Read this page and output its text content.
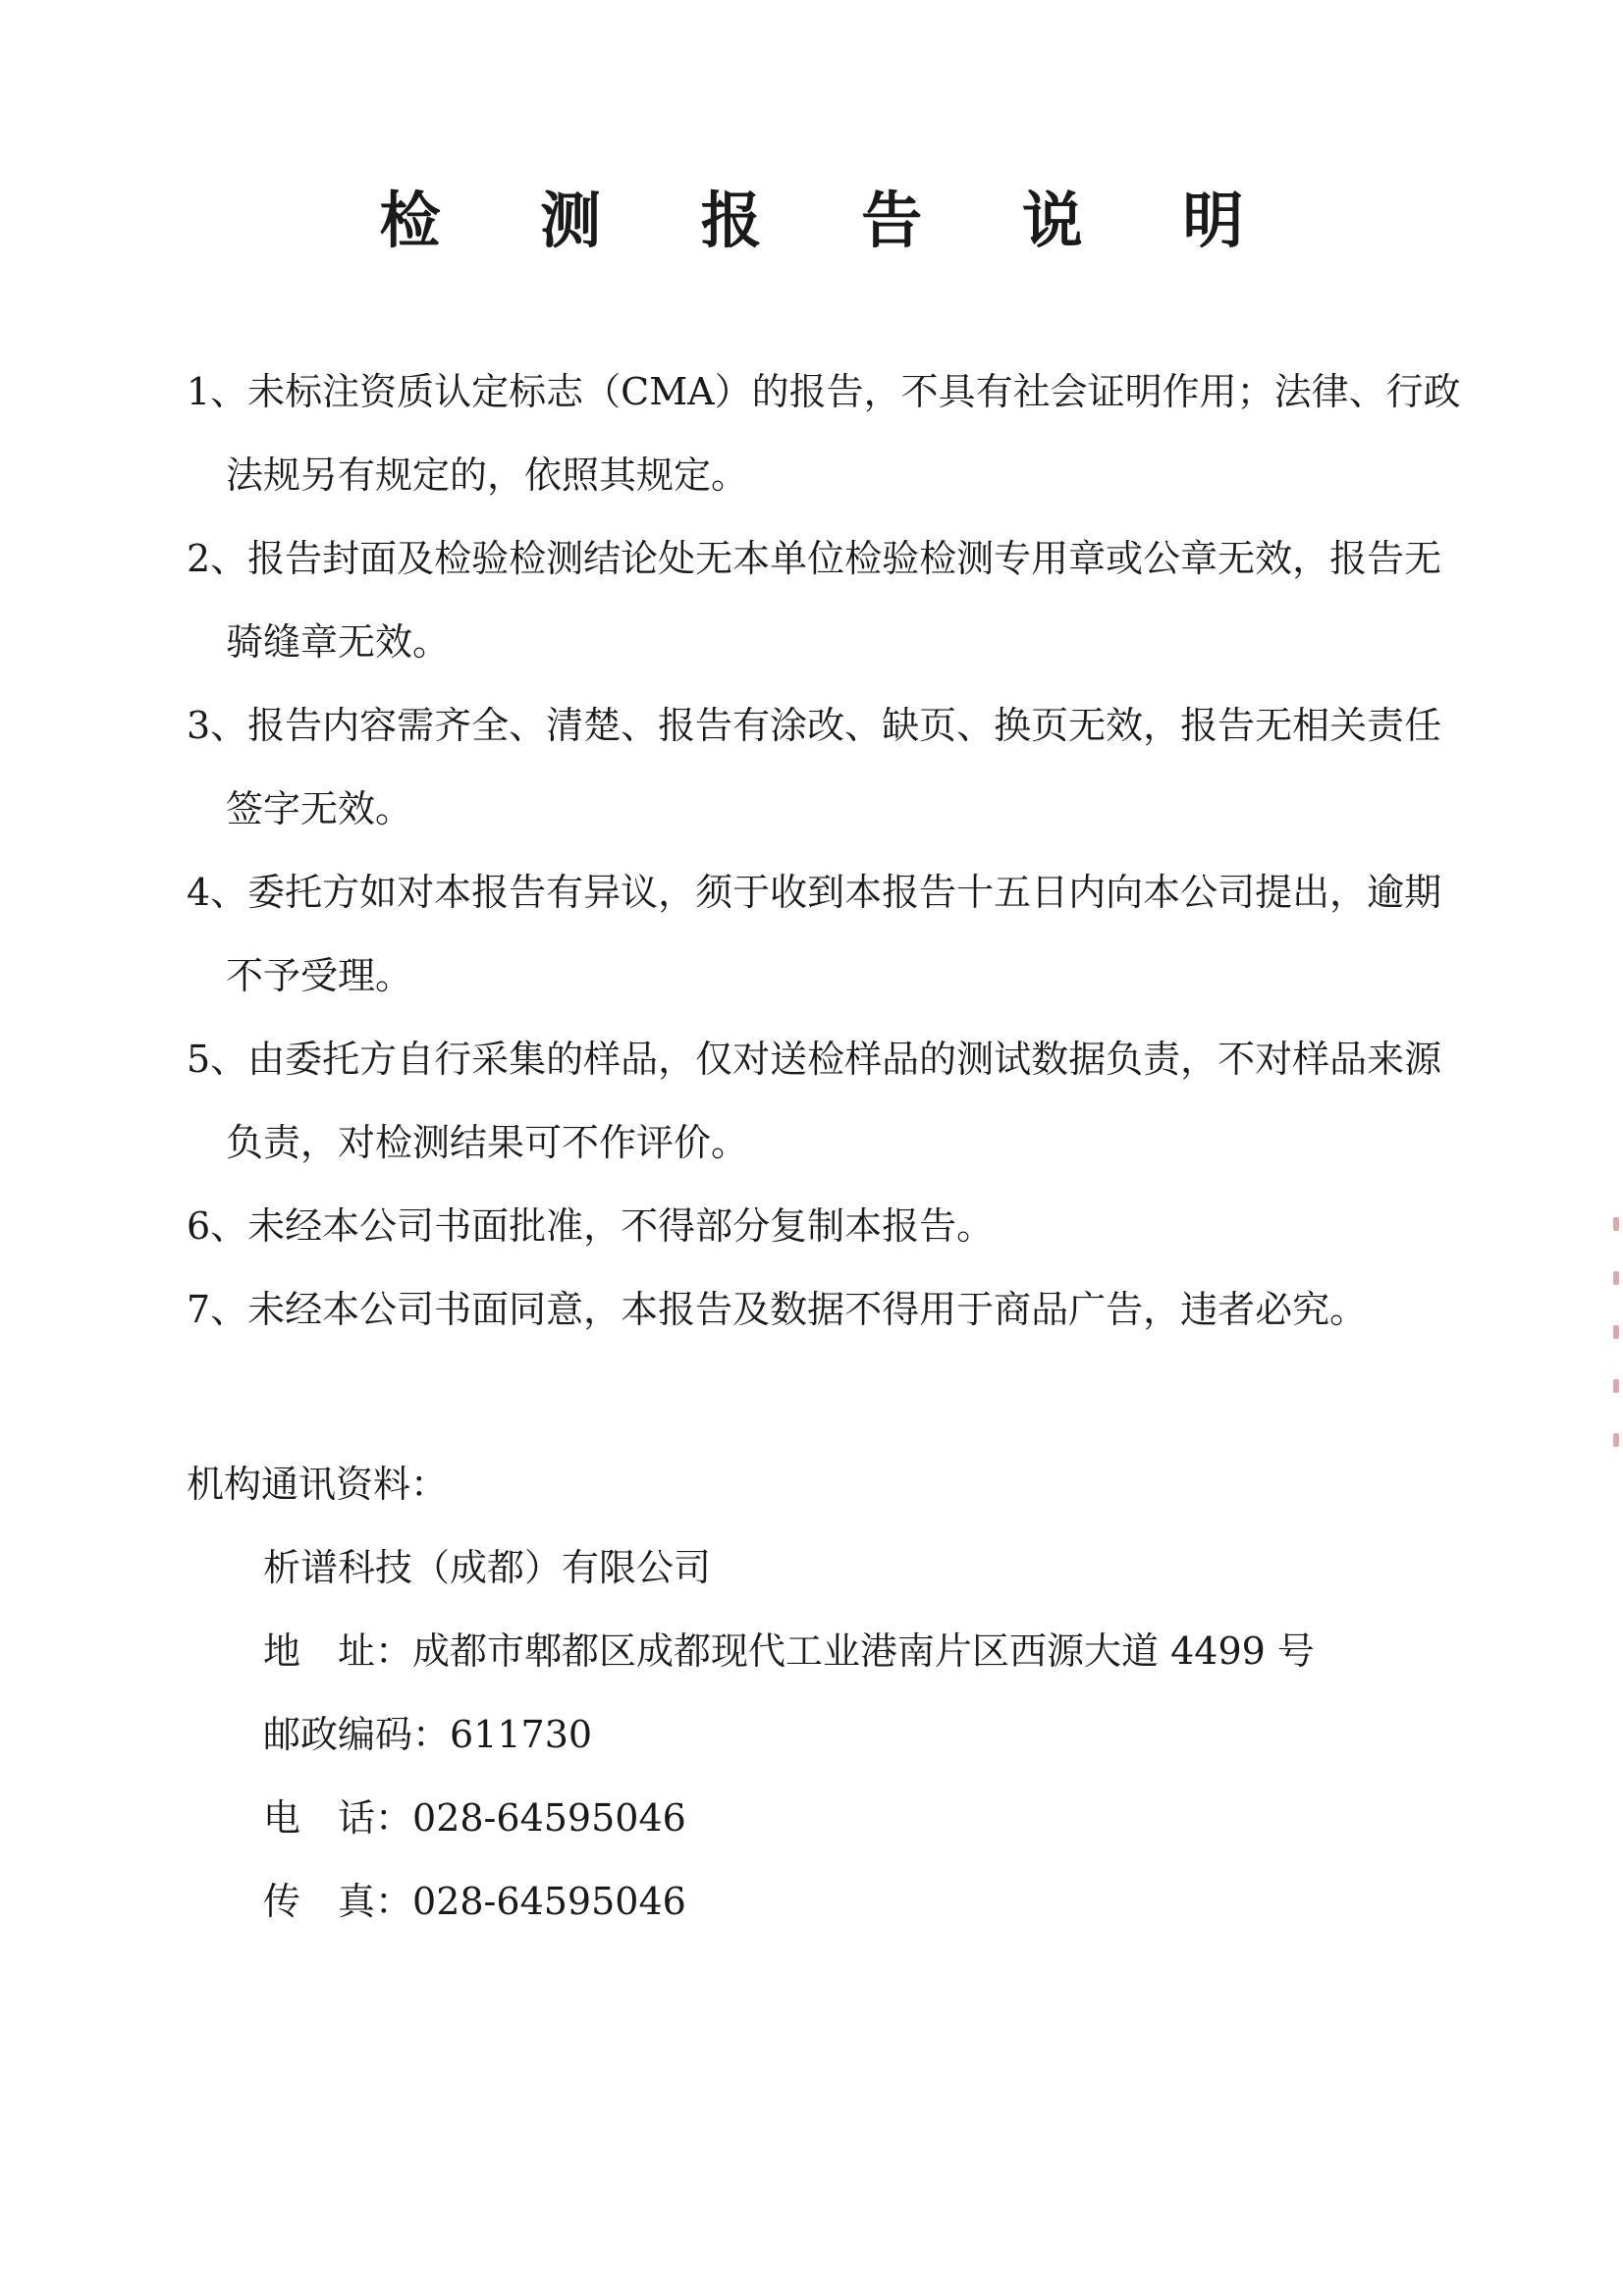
检 测 报 告 说 明
1、未标注资质认定标志（CMA）的报告，不具有社会证明作用；法律、行政
法规另有规定的，依照其规定。
2、报告封面及检验检测结论处无本单位检验检测专用章或公章无效，报告无
骑缝章无效。
3、报告内容需齐全、清楚、报告有涂改、缺页、换页无效，报告无相关责任
签字无效。
4、委托方如对本报告有异议，须于收到本报告十五日内向本公司提出，逾期
不予受理。
5、由委托方自行采集的样品，仅对送检样品的测试数据负责，不对样品来源
负责，对检测结果可不作评价。
6、未经本公司书面批准，不得部分复制本报告。
7、未经本公司书面同意，本报告及数据不得用于商品广告，违者必究。
机构通讯资料：
析谱科技（成都）有限公司
地　址：成都市郫都区成都现代工业港南片区西源大道 4499 号
邮政编码：611730
电　话：028-64595046
传　真：028-64595046
